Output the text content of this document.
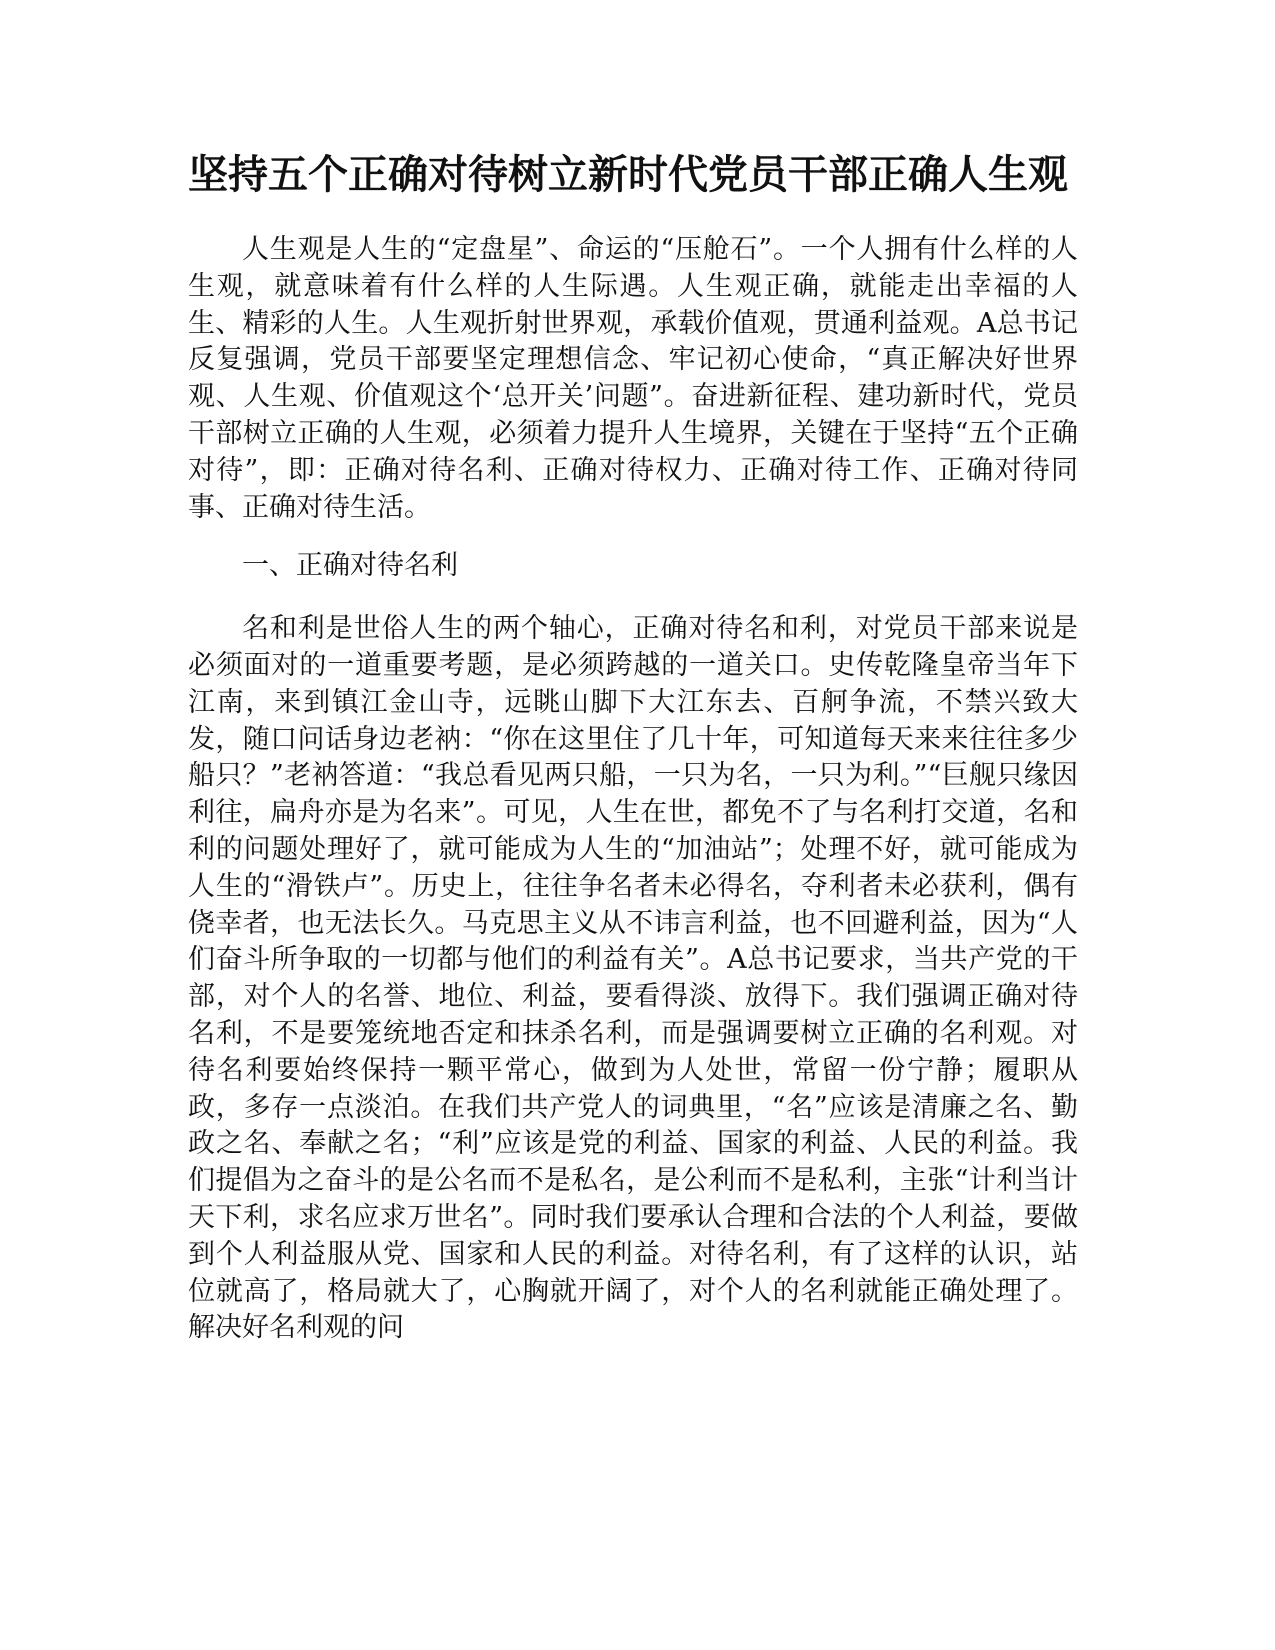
坚持五个正确对待树立新时代党员干部正确人生观

人生观是人生的“定盘星”、命运的“压舱石”。一个人拥有什么样的人生观，就意味着有什么样的人生际遇。人生观正确，就能走出幸福的人生、精彩的人生。人生观折射世界观，承载价值观，贯通利益观。A总书记反复强调，党员干部要坚定理想信念、牢记初心使命，“真正解决好世界观、人生观、价值观这个‘总开关’问题”。奋进新征程、建功新时代，党员干部树立正确的人生观，必须着力提升人生境界，关键在于坚持“五个正确对待”，即：正确对待名利、正确对待权力、正确对待工作、正确对待同事、正确对待生活。

一、正确对待名利

名和利是世俗人生的两个轴心，正确对待名和利，对党员干部来说是必须面对的一道重要考题，是必须跨越的一道关口。史传乾隆皇帝当年下江南，来到镇江金山寺，远眺山脚下大江东去、百舸争流，不禁兴致大发，随口问话身边老衲：“你在这里住了几十年，可知道每天来来往往多少船只？”老衲答道：“我总看见两只船，一只为名，一只为利。”“巨舰只缘因利往，扁舟亦是为名来”。可见，人生在世，都免不了与名利打交道，名和利的问题处理好了，就可能成为人生的“加油站”；处理不好，就可能成为人生的“滑铁卢”。历史上，往往争名者未必得名，夺利者未必获利，偶有侥幸者，也无法长久。马克思主义从不讳言利益，也不回避利益，因为“人们奋斗所争取的一切都与他们的利益有关”。A总书记要求，当共产党的干部，对个人的名誉、地位、利益，要看得淡、放得下。我们强调正确对待名利，不是要笼统地否定和抹杀名利，而是强调要树立正确的名利观。对待名利要始终保持一颗平常心，做到为人处世，常留一份宁静；履职从政，多存一点淡泊。在我们共产党人的词典里，“名”应该是清廉之名、勤政之名、奉献之名；“利”应该是党的利益、国家的利益、人民的利益。我们提倡为之奋斗的是公名而不是私名，是公利而不是私利，主张“计利当计天下利，求名应求万世名”。同时我们要承认合理和合法的个人利益，要做到个人利益服从党、国家和人民的利益。对待名利，有了这样的认识，站位就高了，格局就大了，心胸就开阔了，对个人的名利就能正确处理了。解决好名利观的问
